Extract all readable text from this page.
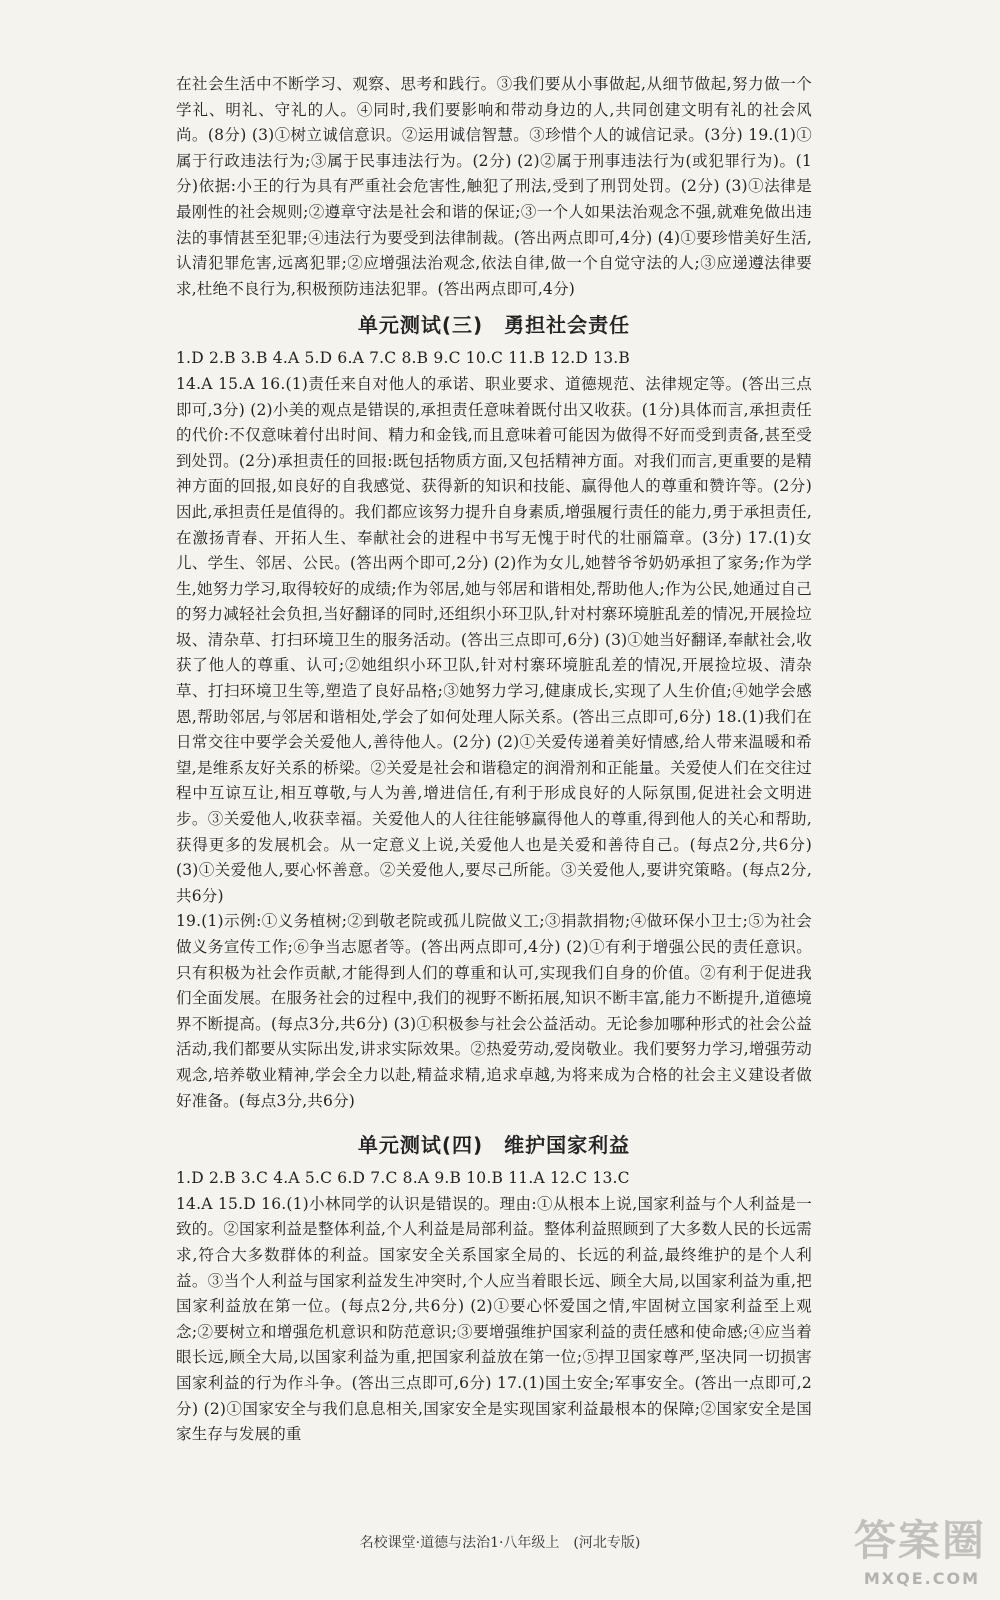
在社会生活中不断学习、观察、思考和践行。③我们要从小事做起,从细节做起,努力做一个学礼、明礼、守礼的人。④同时,我们要影响和带动身边的人,共同创建文明有礼的社会风尚。(8分) (3)①树立诚信意识。②运用诚信智慧。③珍惜个人的诚信记录。(3分) 19.(1)①属于行政违法行为;③属于民事违法行为。(2分) (2)②属于刑事违法行为(或犯罪行为)。(1分)依据:小王的行为具有严重社会危害性,触犯了刑法,受到了刑罚处罚。(2分) (3)①法律是最刚性的社会规则;②遵章守法是社会和谐的保证;③一个人如果法治观念不强,就难免做出违法的事情甚至犯罪;④违法行为要受到法律制裁。(答出两点即可,4分) (4)①要珍惜美好生活,认清犯罪危害,远离犯罪;②应增强法治观念,依法自律,做一个自觉守法的人;③应递遵法律要求,杜绝不良行为,积极预防违法犯罪。(答出两点即可,4分)

单元测试(三)　勇担社会责任

1.D 2.B 3.B 4.A 5.D 6.A 7.C 8.B 9.C 10.C 11.B 12.D 13.B

14.A 15.A 16.(1)责任来自对他人的承诺、职业要求、道德规范、法律规定等。(答出三点即可,3分) (2)小美的观点是错误的,承担责任意味着既付出又收获。(1分)具体而言,承担责任的代价:不仅意味着付出时间、精力和金钱,而且意味着可能因为做得不好而受到责备,甚至受到处罚。(2分)承担责任的回报:既包括物质方面,又包括精神方面。对我们而言,更重要的是精神方面的回报,如良好的自我感觉、获得新的知识和技能、赢得他人的尊重和赞许等。(2分)因此,承担责任是值得的。我们都应该努力提升自身素质,增强履行责任的能力,勇于承担责任,在激扬青春、开拓人生、奉献社会的进程中书写无愧于时代的壮丽篇章。(3分) 17.(1)女儿、学生、邻居、公民。(答出两个即可,2分) (2)作为女儿,她替爷爷奶奶承担了家务;作为学生,她努力学习,取得较好的成绩;作为邻居,她与邻居和谐相处,帮助他人;作为公民,她通过自己的努力减轻社会负担,当好翻译的同时,还组织小环卫队,针对村寨环境脏乱差的情况,开展捡垃圾、清杂草、打扫环境卫生的服务活动。(答出三点即可,6分) (3)①她当好翻译,奉献社会,收获了他人的尊重、认可;②她组织小环卫队,针对村寨环境脏乱差的情况,开展捡垃圾、清杂草、打扫环境卫生等,塑造了良好品格;③她努力学习,健康成长,实现了人生价值;④她学会感恩,帮助邻居,与邻居和谐相处,学会了如何处理人际关系。(答出三点即可,6分) 18.(1)我们在日常交往中要学会关爱他人,善待他人。(2分) (2)①关爱传递着美好情感,给人带来温暖和希望,是维系友好关系的桥梁。②关爱是社会和谐稳定的润滑剂和正能量。关爱使人们在交往过程中互谅互让,相互尊敬,与人为善,增进信任,有利于形成良好的人际氛围,促进社会文明进步。③关爱他人,收获幸福。关爱他人的人往往能够赢得他人的尊重,得到他人的关心和帮助,获得更多的发展机会。从一定意义上说,关爱他人也是关爱和善待自己。(每点2分,共6分) (3)①关爱他人,要心怀善意。②关爱他人,要尽己所能。③关爱他人,要讲究策略。(每点2分,共6分)

19.(1)示例:①义务植树;②到敬老院或孤儿院做义工;③捐款捐物;④做环保小卫士;⑤为社会做义务宣传工作;⑥争当志愿者等。(答出两点即可,4分) (2)①有利于增强公民的责任意识。只有积极为社会作贡献,才能得到人们的尊重和认可,实现我们自身的价值。②有利于促进我们全面发展。在服务社会的过程中,我们的视野不断拓展,知识不断丰富,能力不断提升,道德境界不断提高。(每点3分,共6分) (3)①积极参与社会公益活动。无论参加哪种形式的社会公益活动,我们都要从实际出发,讲求实际效果。②热爱劳动,爱岗敬业。我们要努力学习,增强劳动观念,培养敬业精神,学会全力以赴,精益求精,追求卓越,为将来成为合格的社会主义建设者做好准备。(每点3分,共6分)

单元测试(四)　维护国家利益

1.D 2.B 3.C 4.A 5.C 6.D 7.C 8.A 9.B 10.B 11.A 12.C 13.C

14.A 15.D 16.(1)小林同学的认识是错误的。理由:①从根本上说,国家利益与个人利益是一致的。②国家利益是整体利益,个人利益是局部利益。整体利益照顾到了大多数人民的长远需求,符合大多数群体的利益。国家安全关系国家全局的、长远的利益,最终维护的是个人利益。③当个人利益与国家利益发生冲突时,个人应当着眼长远、顾全大局,以国家利益为重,把国家利益放在第一位。(每点2分,共6分) (2)①要心怀爱国之情,牢固树立国家利益至上观念;②要树立和增强危机意识和防范意识;③要增强维护国家利益的责任感和使命感;④应当着眼长远,顾全大局,以国家利益为重,把国家利益放在第一位;⑤捍卫国家尊严,坚决同一切损害国家利益的行为作斗争。(答出三点即可,6分) 17.(1)国土安全;军事安全。(答出一点即可,2分) (2)①国家安全与我们息息相关,国家安全是实现国家利益最根本的保障;②国家安全是国家生存与发展的重

名校课堂·道德与法治1·八年级上　(河北专版)	答案圈
MXQE.COM
